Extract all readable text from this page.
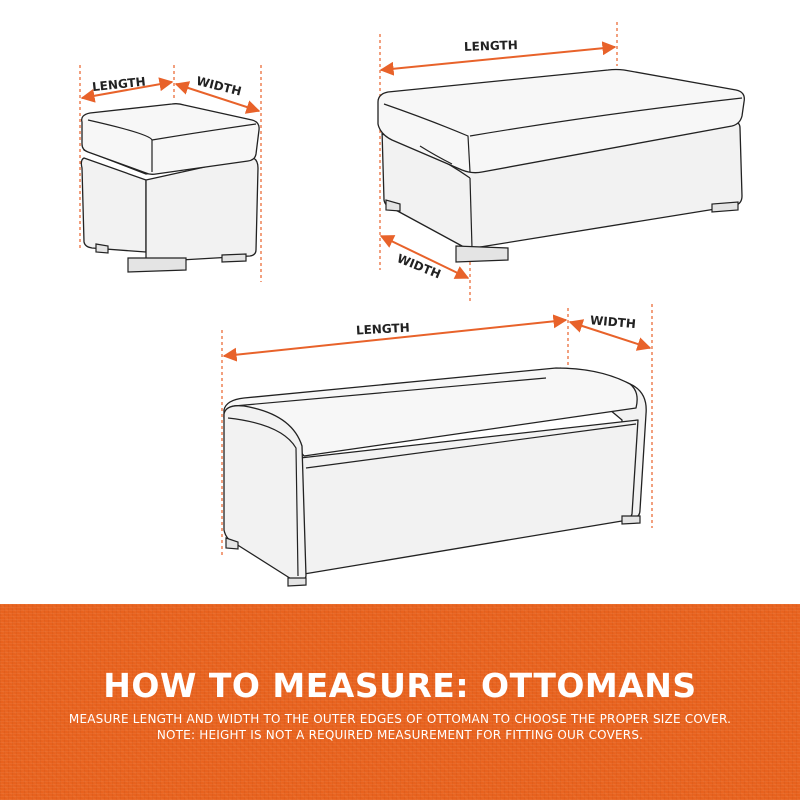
LENGTH	WIDTH
LENGTH
WIDTH
LENGTH	WIDTH
HOW TO MEASURE: OTTOMANS
MEASURE LENGTH AND WIDTH TO THE OUTER EDGES OF OTTOMAN TO CHOOSE THE PROPER SIZE COVER.
NOTE: HEIGHT IS NOT A REQUIRED MEASUREMENT FOR FITTING OUR COVERS.
